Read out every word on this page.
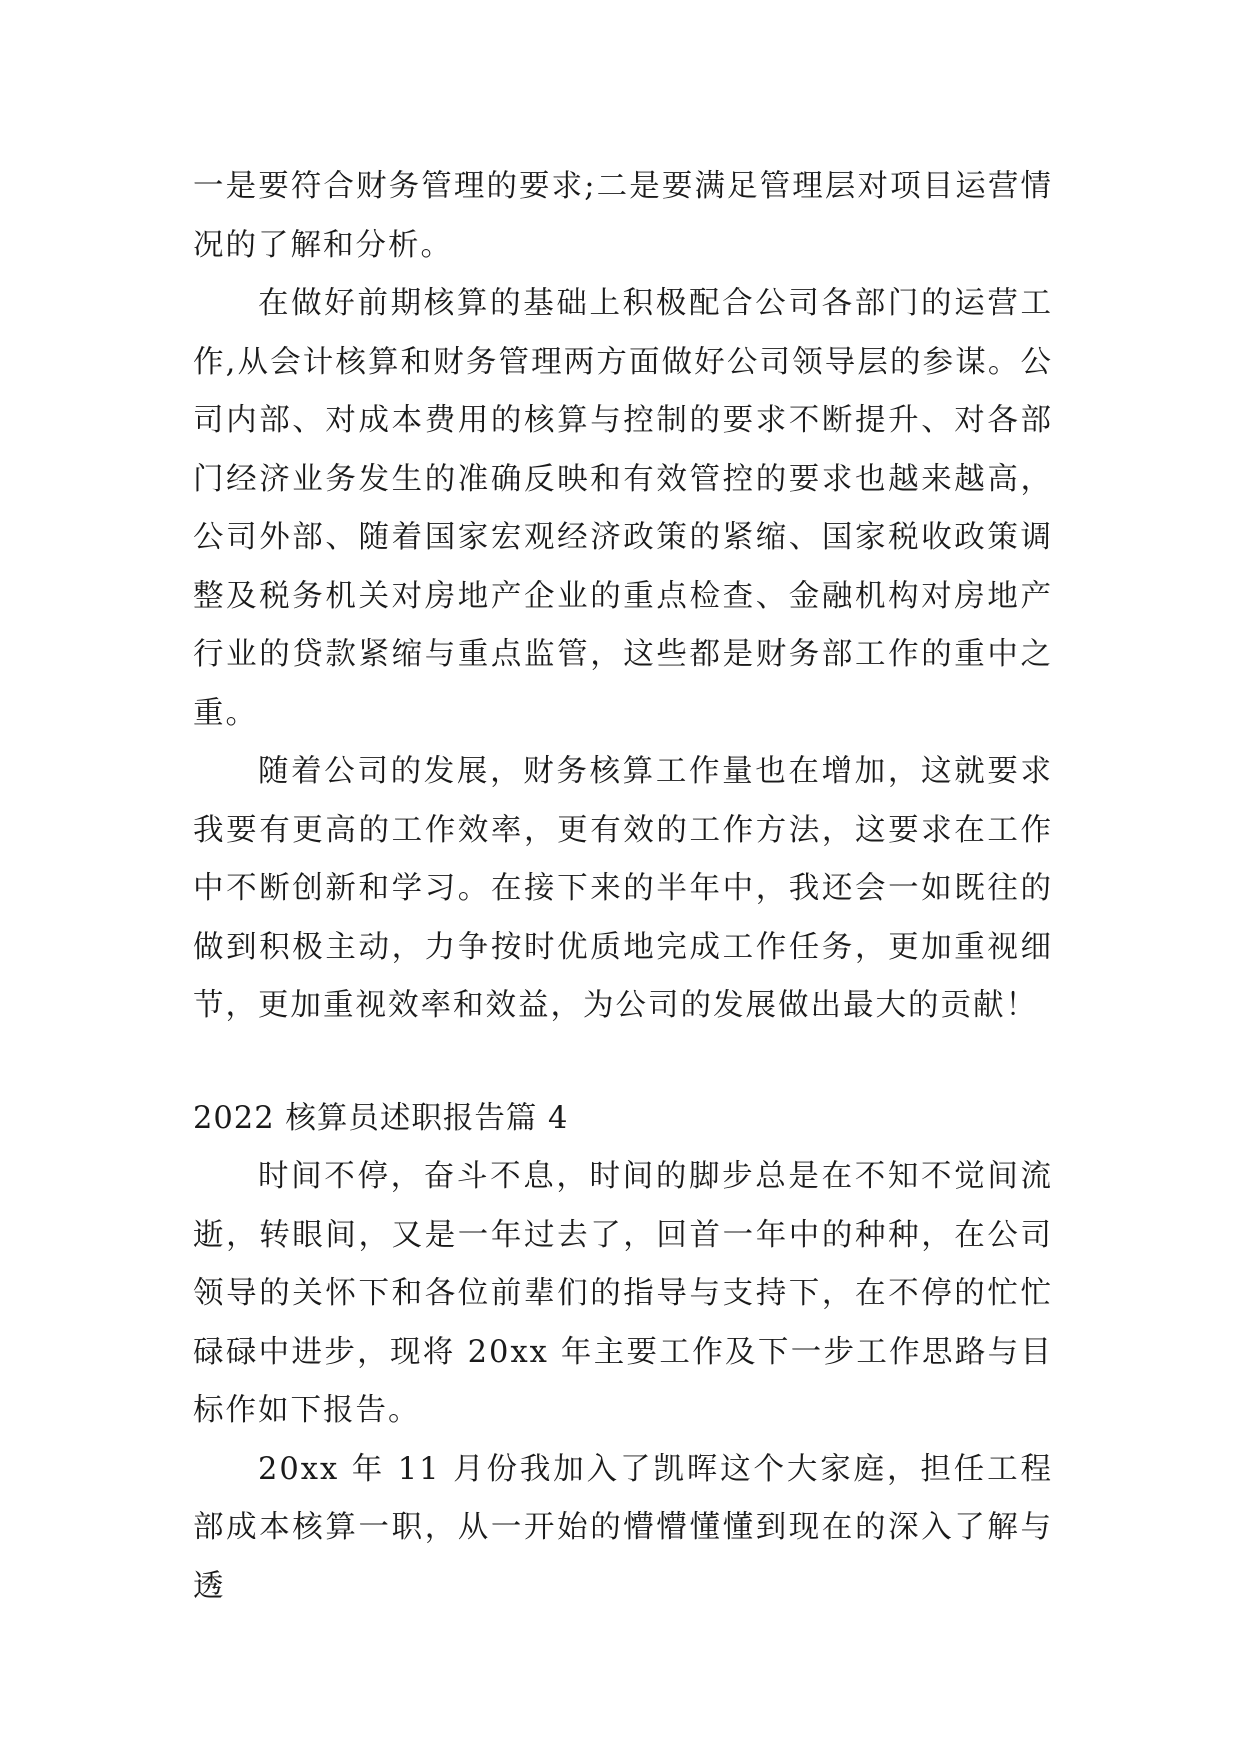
一是要符合财务管理的要求;二是要满足管理层对项目运营情况的了解和分析。

在做好前期核算的基础上积极配合公司各部门的运营工作,从会计核算和财务管理两方面做好公司领导层的参谋。公司内部、对成本费用的核算与控制的要求不断提升、对各部门经济业务发生的准确反映和有效管控的要求也越来越高，公司外部、随着国家宏观经济政策的紧缩、国家税收政策调整及税务机关对房地产企业的重点检查、金融机构对房地产行业的贷款紧缩与重点监管，这些都是财务部工作的重中之重。

随着公司的发展，财务核算工作量也在增加，这就要求我要有更高的工作效率，更有效的工作方法，这要求在工作中不断创新和学习。在接下来的半年中，我还会一如既往的做到积极主动，力争按时优质地完成工作任务，更加重视细节，更加重视效率和效益，为公司的发展做出最大的贡献！

2022 核算员述职报告篇 4

时间不停，奋斗不息，时间的脚步总是在不知不觉间流逝，转眼间，又是一年过去了，回首一年中的种种，在公司领导的关怀下和各位前辈们的指导与支持下，在不停的忙忙碌碌中进步，现将 20xx 年主要工作及下一步工作思路与目标作如下报告。

20xx 年 11 月份我加入了凯晖这个大家庭，担任工程部成本核算一职，从一开始的懵懵懂懂到现在的深入了解与透
